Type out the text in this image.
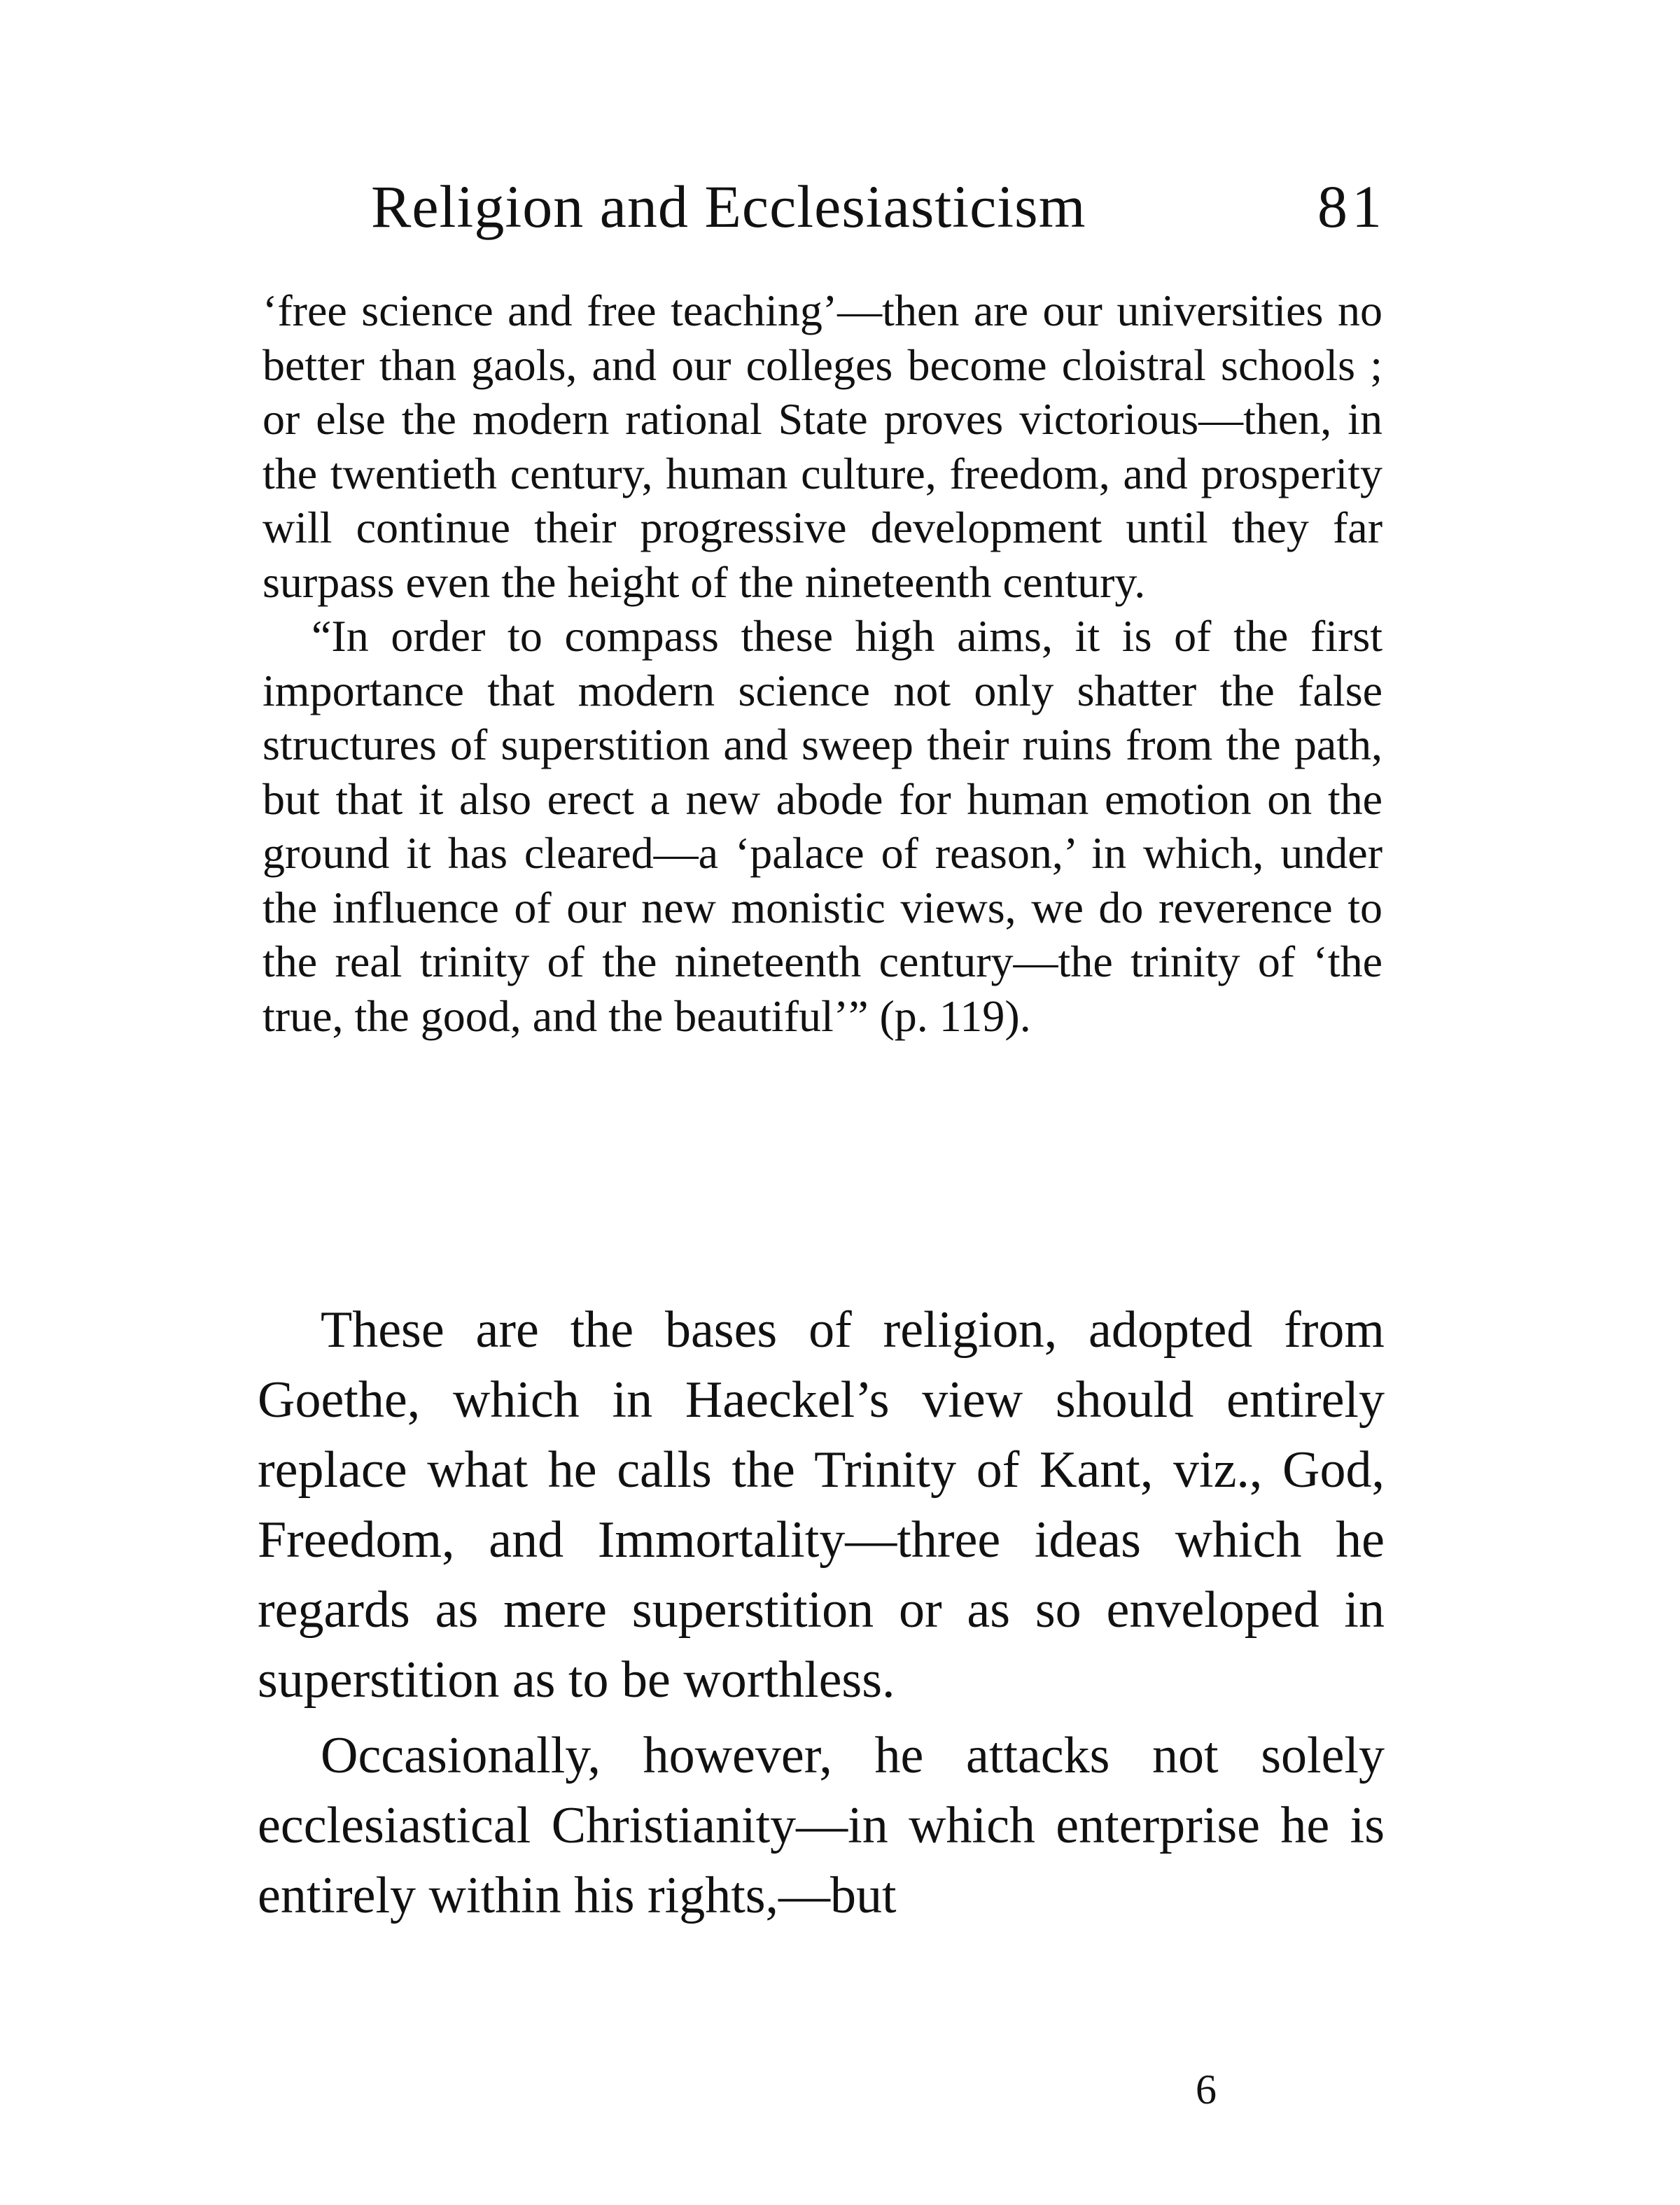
Religion and Ecclesiasticism	81

‘free science and free teaching’—then are our universities no better than gaols, and our colleges become cloistral schools ; or else the modern rational State proves victorious—then, in the twentieth century, human culture, freedom, and prosperity will continue their progressive development until they far surpass even the height of the nineteenth century.

“In order to compass these high aims, it is of the first importance that modern science not only shatter the false structures of superstition and sweep their ruins from the path, but that it also erect a new abode for human emotion on the ground it has cleared—a ‘palace of reason,’ in which, under the influence of our new monistic views, we do reverence to the real trinity of the nineteenth century—the trinity of ‘the true, the good, and the beautiful’” (p. 119).

These are the bases of religion, adopted from Goethe, which in Haeckel’s view should entirely replace what he calls the Trinity of Kant, viz., God, Freedom, and Immortality—three ideas which he regards as mere superstition or as so enveloped in superstition as to be worthless.

Occasionally, however, he attacks not solely ecclesiastical Christianity—in which enterprise he is entirely within his rights,—but

6
